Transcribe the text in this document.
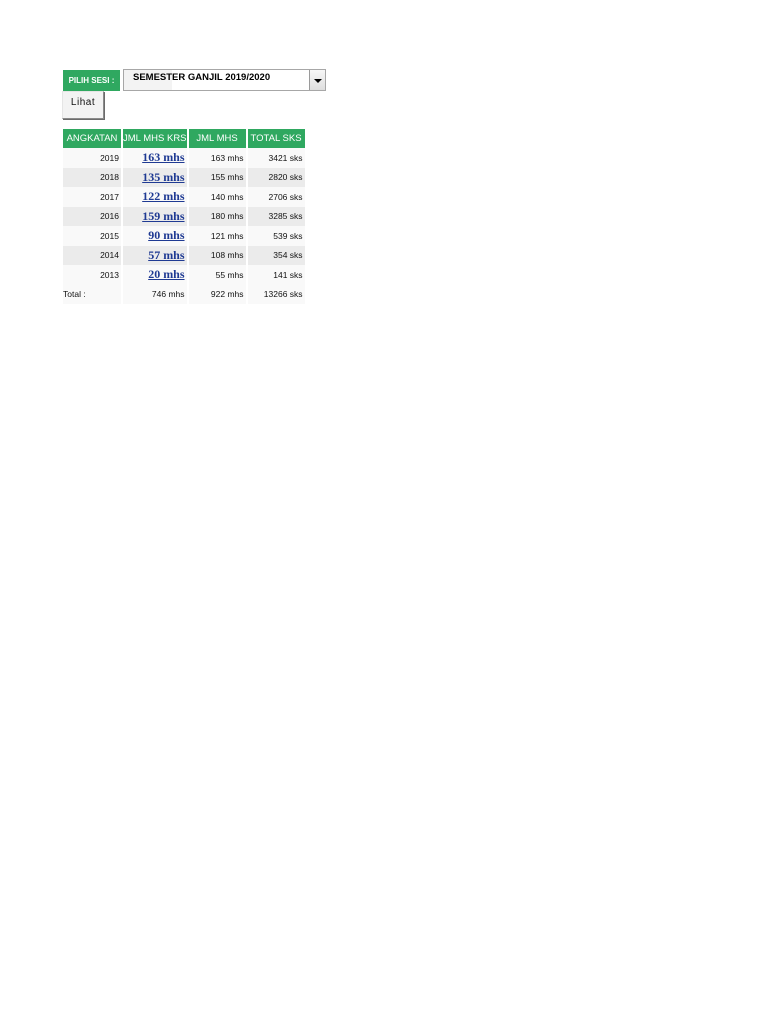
PILIH SESI :	SEMESTER GANJIL 2019/2020
Lihat
ANGKATAN	JML MHS KRS	JML MHS	TOTAL SKS
2019	163 mhs	163 mhs	3421 sks
2018	135 mhs	155 mhs	2820 sks
2017	122 mhs	140 mhs	2706 sks
2016	159 mhs	180 mhs	3285 sks
2015	90 mhs	121 mhs	539 sks
2014	57 mhs	108 mhs	354 sks
2013	20 mhs	55 mhs	141 sks
Total :	746 mhs	922 mhs	13266 sks
